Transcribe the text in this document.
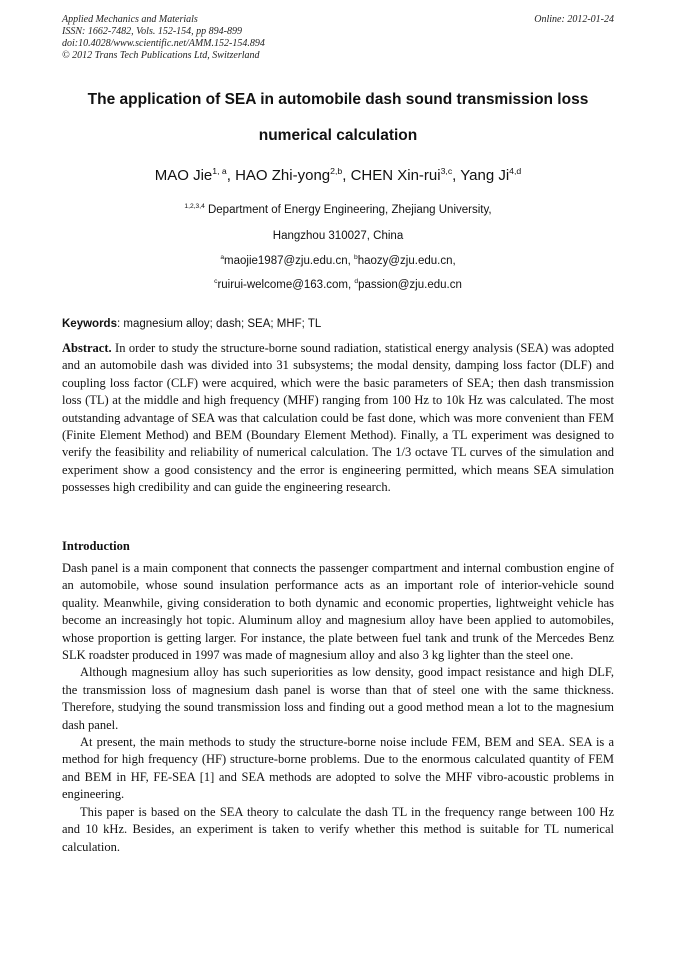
Applied Mechanics and Materials
ISSN: 1662-7482, Vols. 152-154, pp 894-899
doi:10.4028/www.scientific.net/AMM.152-154.894
© 2012 Trans Tech Publications Ltd, Switzerland
Online: 2012-01-24
The application of SEA in automobile dash sound transmission loss
numerical calculation
MAO Jie$^{1, a}$, HAO Zhi-yong$^{2,b}$, CHEN Xin-rui$^{3,c}$, Yang Ji$^{4,d}$
$^{1,2,3,4}$ Department of Energy Engineering, Zhejiang University,
Hangzhou 310027, China
$^a$maojie1987@zju.edu.cn, $^b$haozy@zju.edu.cn,
$^c$ruirui-welcome@163.com, $^d$passion@zju.edu.cn
Keywords: magnesium alloy; dash; SEA; MHF; TL
Abstract. In order to study the structure-borne sound radiation, statistical energy analysis (SEA) was adopted and an automobile dash was divided into 31 subsystems; the modal density, damping loss factor (DLF) and coupling loss factor (CLF) were acquired, which were the basic parameters of SEA; then dash transmission loss (TL) at the middle and high frequency (MHF) ranging from 100 Hz to 10k Hz was calculated. The most outstanding advantage of SEA was that calculation could be fast done, which was more convenient than FEM (Finite Element Method) and BEM (Boundary Element Method). Finally, a TL experiment was designed to verify the feasibility and reliability of numerical calculation. The 1/3 octave TL curves of the simulation and experiment show a good consistency and the error is engineering permitted, which means SEA simulation possesses high credibility and can guide the engineering research.
Introduction

Dash panel is a main component that connects the passenger compartment and internal combustion engine of an automobile, whose sound insulation performance acts as an important role of interior-vehicle sound quality. Meanwhile, giving consideration to both dynamic and economic properties, lightweight vehicle has become an increasingly hot topic. Aluminum alloy and magnesium alloy have been applied to automobiles, whose proportion is getting larger. For instance, the plate between fuel tank and trunk of the Mercedes Benz SLK roadster produced in 1997 was made of magnesium alloy and also 3 kg lighter than the steel one.

Although magnesium alloy has such superiorities as low density, good impact resistance and high DLF, the transmission loss of magnesium dash panel is worse than that of steel one with the same thickness. Therefore, studying the sound transmission loss and finding out a good method mean a lot to the magnesium dash panel.

At present, the main methods to study the structure-borne noise include FEM, BEM and SEA. SEA is a method for high frequency (HF) structure-borne problems. Due to the enormous calculated quantity of FEM and BEM in HF, FE-SEA [1] and SEA methods are adopted to solve the MHF vibro-acoustic problems in engineering.

This paper is based on the SEA theory to calculate the dash TL in the frequency range between 100 Hz and 10 kHz. Besides, an experiment is taken to verify whether this method is suitable for TL numerical calculation.
